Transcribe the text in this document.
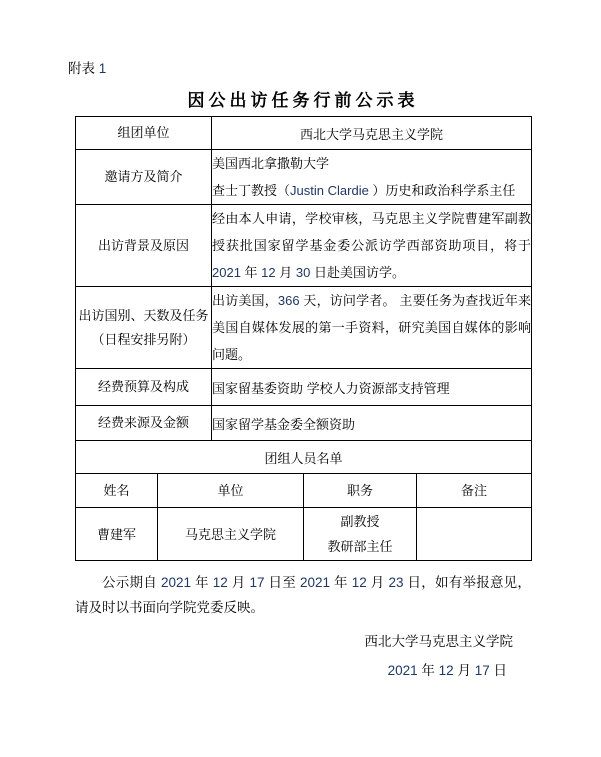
附表 1
因公出访任务行前公示表
组团单位		西北大学马克思主义学院		
邀请方及简介		美国西北拿撒勒大学
查士丁教授（Justin Clardie ）历史和政治科学系主任		

出访背景及原因		经由本人申请，学校审核，马克思主义学院曹建军副教授获批国家留学基金委公派访学西部资助项目，将于 2021 年 12 月 30 日赴美国访学。		

出访国别、天数及任务
（日程安排另附）		出访美国，366 天，访问学者。 主要任务为查找近年来美国自媒体发展的第一手资料，研究美国自媒体的影响问题。		
经费预算及构成		国家留基委资助 学校人力资源部支持管理		
经费来源及金额		国家留学基金委全额资助		
团组人员名单				
姓名	单位		职务	备注
曹建军	马克思主义学院		副教授
教研部主任	

公示期自 2021 年 12 月 17 日至 2021 年 12 月 23 日，如有举报意见，请及时以书面向学院党委反映。
西北大学马克思主义学院
2021 年 12 月 17 日
